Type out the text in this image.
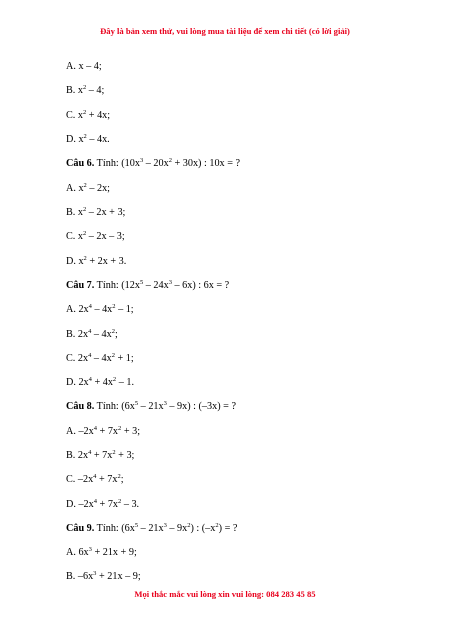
Đây là bản xem thử, vui lòng mua tài liệu để xem chi tiết (có lời giải)
A. x – 4;
B. $x^2 - 4$;
C. $x^2 + 4x$;
D. $x^2 - 4x$.
Câu 6. Tính: $(10x^3 - 20x^2 + 30x)$ : 10x = ?
A. $x^2 - 2x$;
B. $x^2 - 2x + 3$;
C. $x^2 - 2x - 3$;
D. $x^2 + 2x + 3$.
Câu 7. Tính: $(12x^5 - 24x^3 - 6x)$ : 6x = ?
A. $2x^4 - 4x^2 - 1$;
B. $2x^4 - 4x^2$;
C. $2x^4 - 4x^2 + 1$;
D. $2x^4 + 4x^2 - 1$.
Câu 8. Tính: $(6x^5 - 21x^3 - 9x)$ : (–3x) = ?
A. $-2x^4 + 7x^2 + 3$;
B. $2x^4 + 7x^2 + 3$;
C. $-2x^4 + 7x^2$;
D. $-2x^4 + 7x^2 - 3$.
Câu 9. Tính: $(6x^5 - 21x^3 - 9x^2)$ : $(-x^2)$ = ?
A. $6x^3 + 21x + 9$;
B. $-6x^3 + 21x - 9$;
Mọi thắc mắc vui lòng xin vui lòng: 084 283 45 85
